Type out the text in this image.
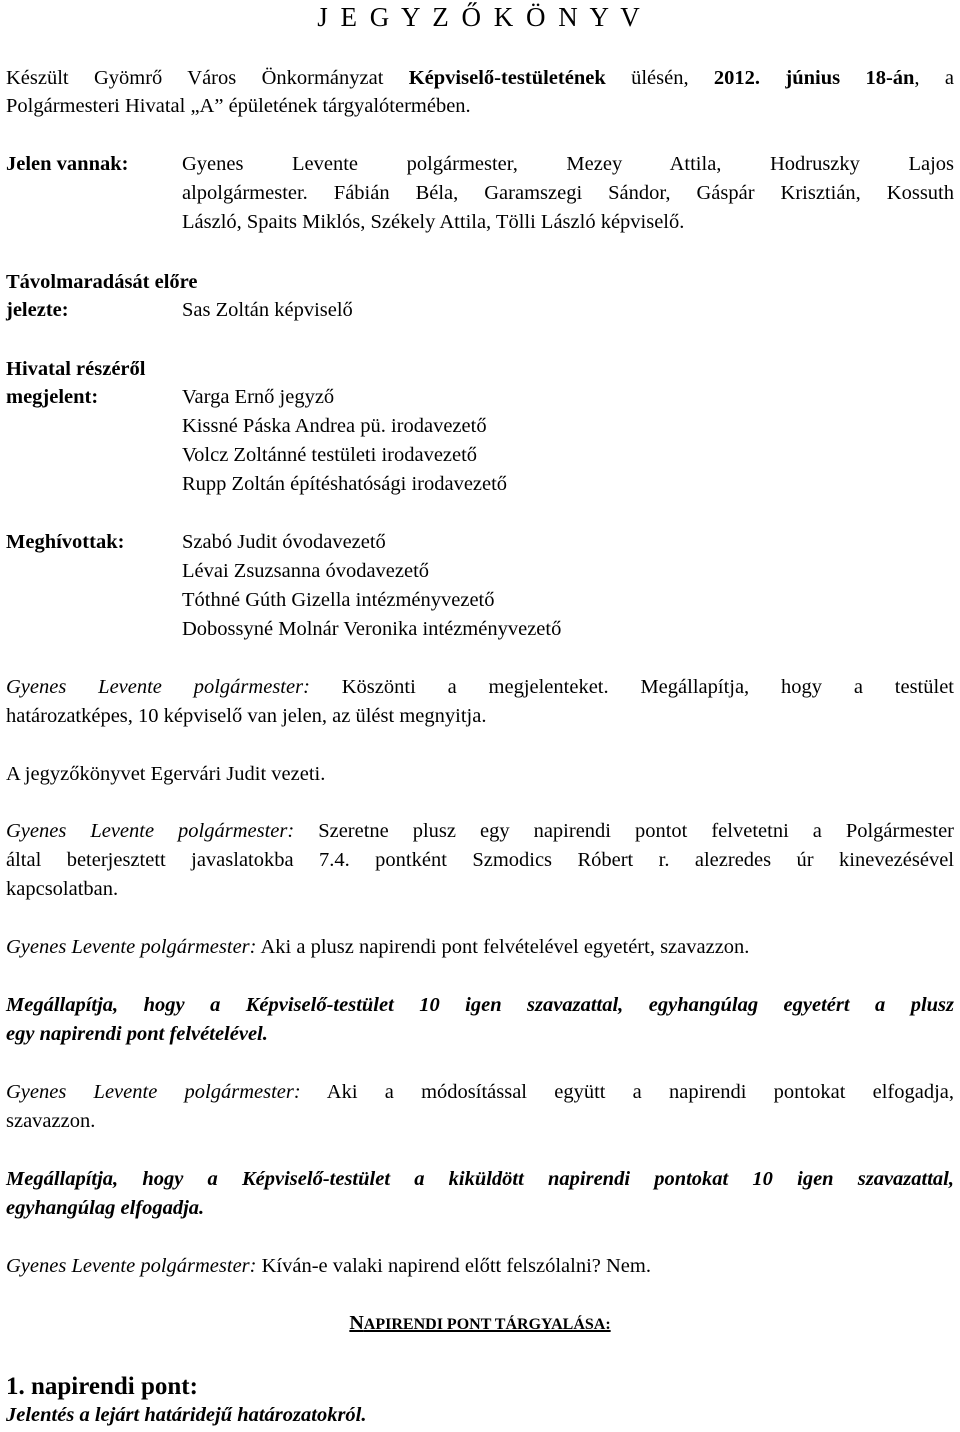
J E G Y Z Ő K Ö N Y V
Készült Gyömrő Város Önkormányzat Képviselő-testületének ülésén, 2012. június 18-án, a
Polgármesteri Hivatal „A” épületének tárgyalótermében.
Jelen vannak:	Gyenes Levente polgármester, Mezey Attila, Hodruszky Lajos
alpolgármester. Fábián Béla, Garamszegi Sándor, Gáspár Krisztián, Kossuth
László, Spaits Miklós, Székely Attila, Tölli László képviselő.
Távolmaradását előre
jelezte:	Sas Zoltán képviselő
Hivatal részéről
megjelent:	Varga Ernő jegyző
Kissné Páska Andrea pü. irodavezető
Volcz Zoltánné testületi irodavezető
Rupp Zoltán építéshatósági irodavezető
Meghívottak:	Szabó Judit óvodavezető
Lévai Zsuzsanna óvodavezető
Tóthné Gúth Gizella intézményvezető
Dobossyné Molnár Veronika intézményvezető
Gyenes Levente polgármester: Köszönti a megjelenteket. Megállapítja, hogy a testület
határozatképes, 10 képviselő van jelen, az ülést megnyitja.
A jegyzőkönyvet Egervári Judit vezeti.
Gyenes Levente polgármester: Szeretne plusz egy napirendi pontot felvetetni a Polgármester
által beterjesztett javaslatokba 7.4. pontként Szmodics Róbert r. alezredes úr kinevezésével
kapcsolatban.
Gyenes Levente polgármester: Aki a plusz napirendi pont felvételével egyetért, szavazzon.
Megállapítja, hogy a Képviselő-testület 10 igen szavazattal, egyhangúlag egyetért a plusz
egy napirendi pont felvételével.
Gyenes Levente polgármester: Aki a módosítással együtt a napirendi pontokat elfogadja,
szavazzon.
Megállapítja, hogy a Képviselő-testület a kiküldött napirendi pontokat 10 igen szavazattal,
egyhangúlag elfogadja.
Gyenes Levente polgármester: Kíván-e valaki napirend előtt felszólalni? Nem.
NAPIRENDI PONT TÁRGYALÁSA:
1. napirendi pont:
Jelentés a lejárt határidejű határozatokról.
